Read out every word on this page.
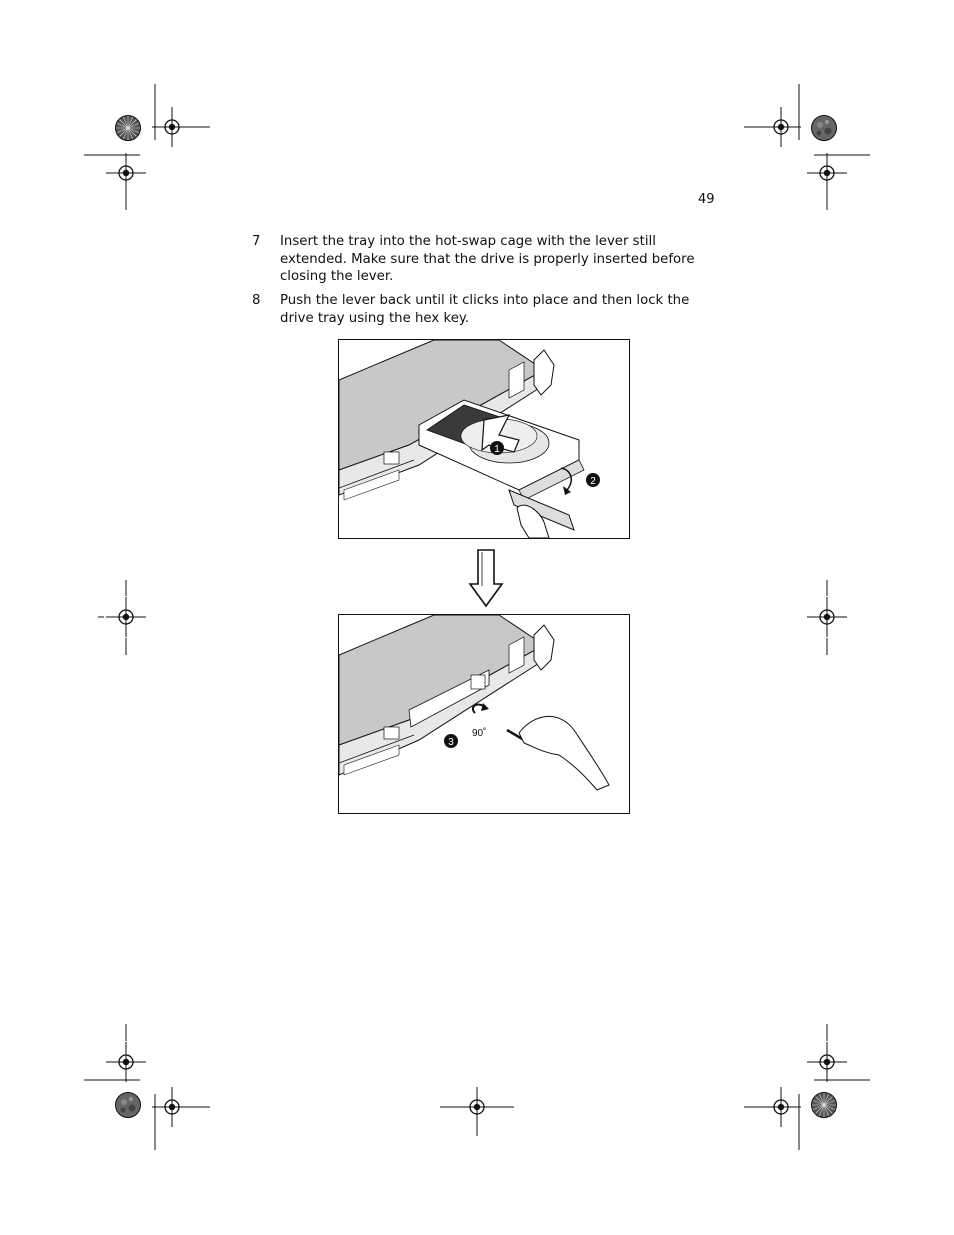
49
7 Insert the tray into the hot-swap cage with the lever still extended. Make sure that the drive is properly inserted before closing the lever.
8 Push the lever back until it clicks into place and then lock the drive tray using the hex key.
1
2
90˚
3
